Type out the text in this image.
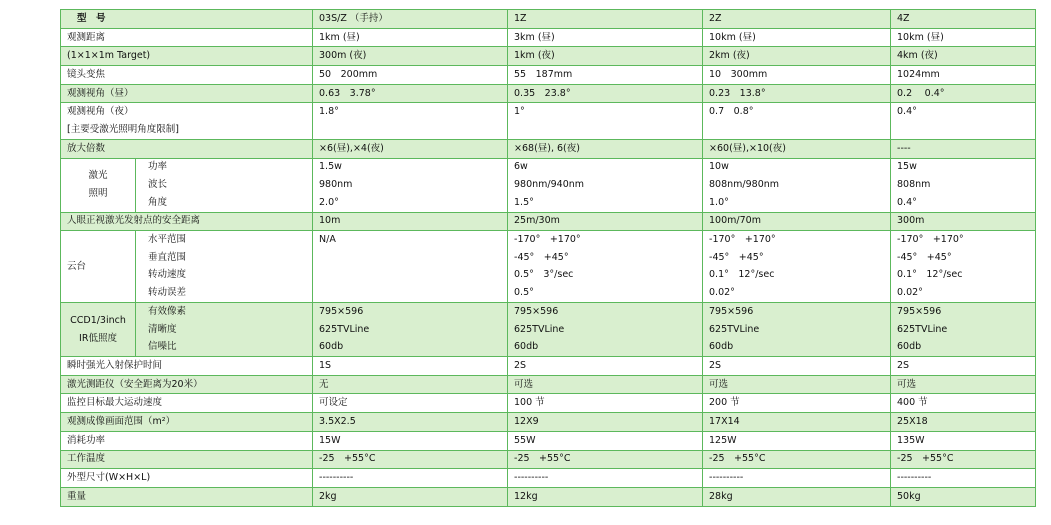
型　号		03S/Z （手持）	1Z	2Z	4Z
观测距离		1km (昼)	3km (昼)	10km (昼)	10km (昼)
(1×1×1m Target)		300m (夜)	1km (夜)	2km (夜)	4km (夜)
镜头变焦		50　200mm	55　187mm	10　300mm	1024mm
观测视角（昼）		0.63　3.78°	0.35　23.8°	0.23　13.8°	0.2　 0.4°
观测视角（夜）		1.8°	1°	0.7　0.8°	0.4°
[主要受激光照明角度限制]					
放大倍数		×6(昼),×4(夜)	×68(昼), 6(夜)	×60(昼),×10(夜)	----
激光
照明	功率	1.5w	6w	10w	15w
	波长	980nm	980nm/940nm	808nm/980nm	808nm
	角度	2.0°	1.5°	1.0°	0.4°
人眼正视激光发射点的安全距离		10m	25m/30m	100m/70m	300m
云台	水平范围	N/A	-170°　+170°	-170°　+170°	-170°　+170°
	垂直范围		-45°　+45°	-45°　+45°	-45°　+45°
	转动速度		0.5°　3°/sec	0.1°　12°/sec	0.1°　12°/sec
	转动误差		0.5°	0.02°	0.02°

CCD1/3inch
IR低照度	有效像素	795×596	795×596	795×596	795×596
	清晰度	625TVLine	625TVLine	625TVLine	625TVLine
	信噪比	60db	60db	60db	60db
瞬时强光入射保护时间		1S	2S	2S	2S
激光测距仪（安全距离为20米）		无	可选	可选	可选
监控目标最大运动速度		可设定	100 节	200 节	400 节
观测成像画面范围（m²）		3.5X2.5	12X9	17X14	25X18
消耗功率		15W	55W	125W	135W
工作温度		-25　+55°C	-25　+55°C	-25　+55°C	-25　+55°C
外型尺寸(W×H×L)		----------	----------	----------	----------
重量		2kg	12kg	28kg	50kg
